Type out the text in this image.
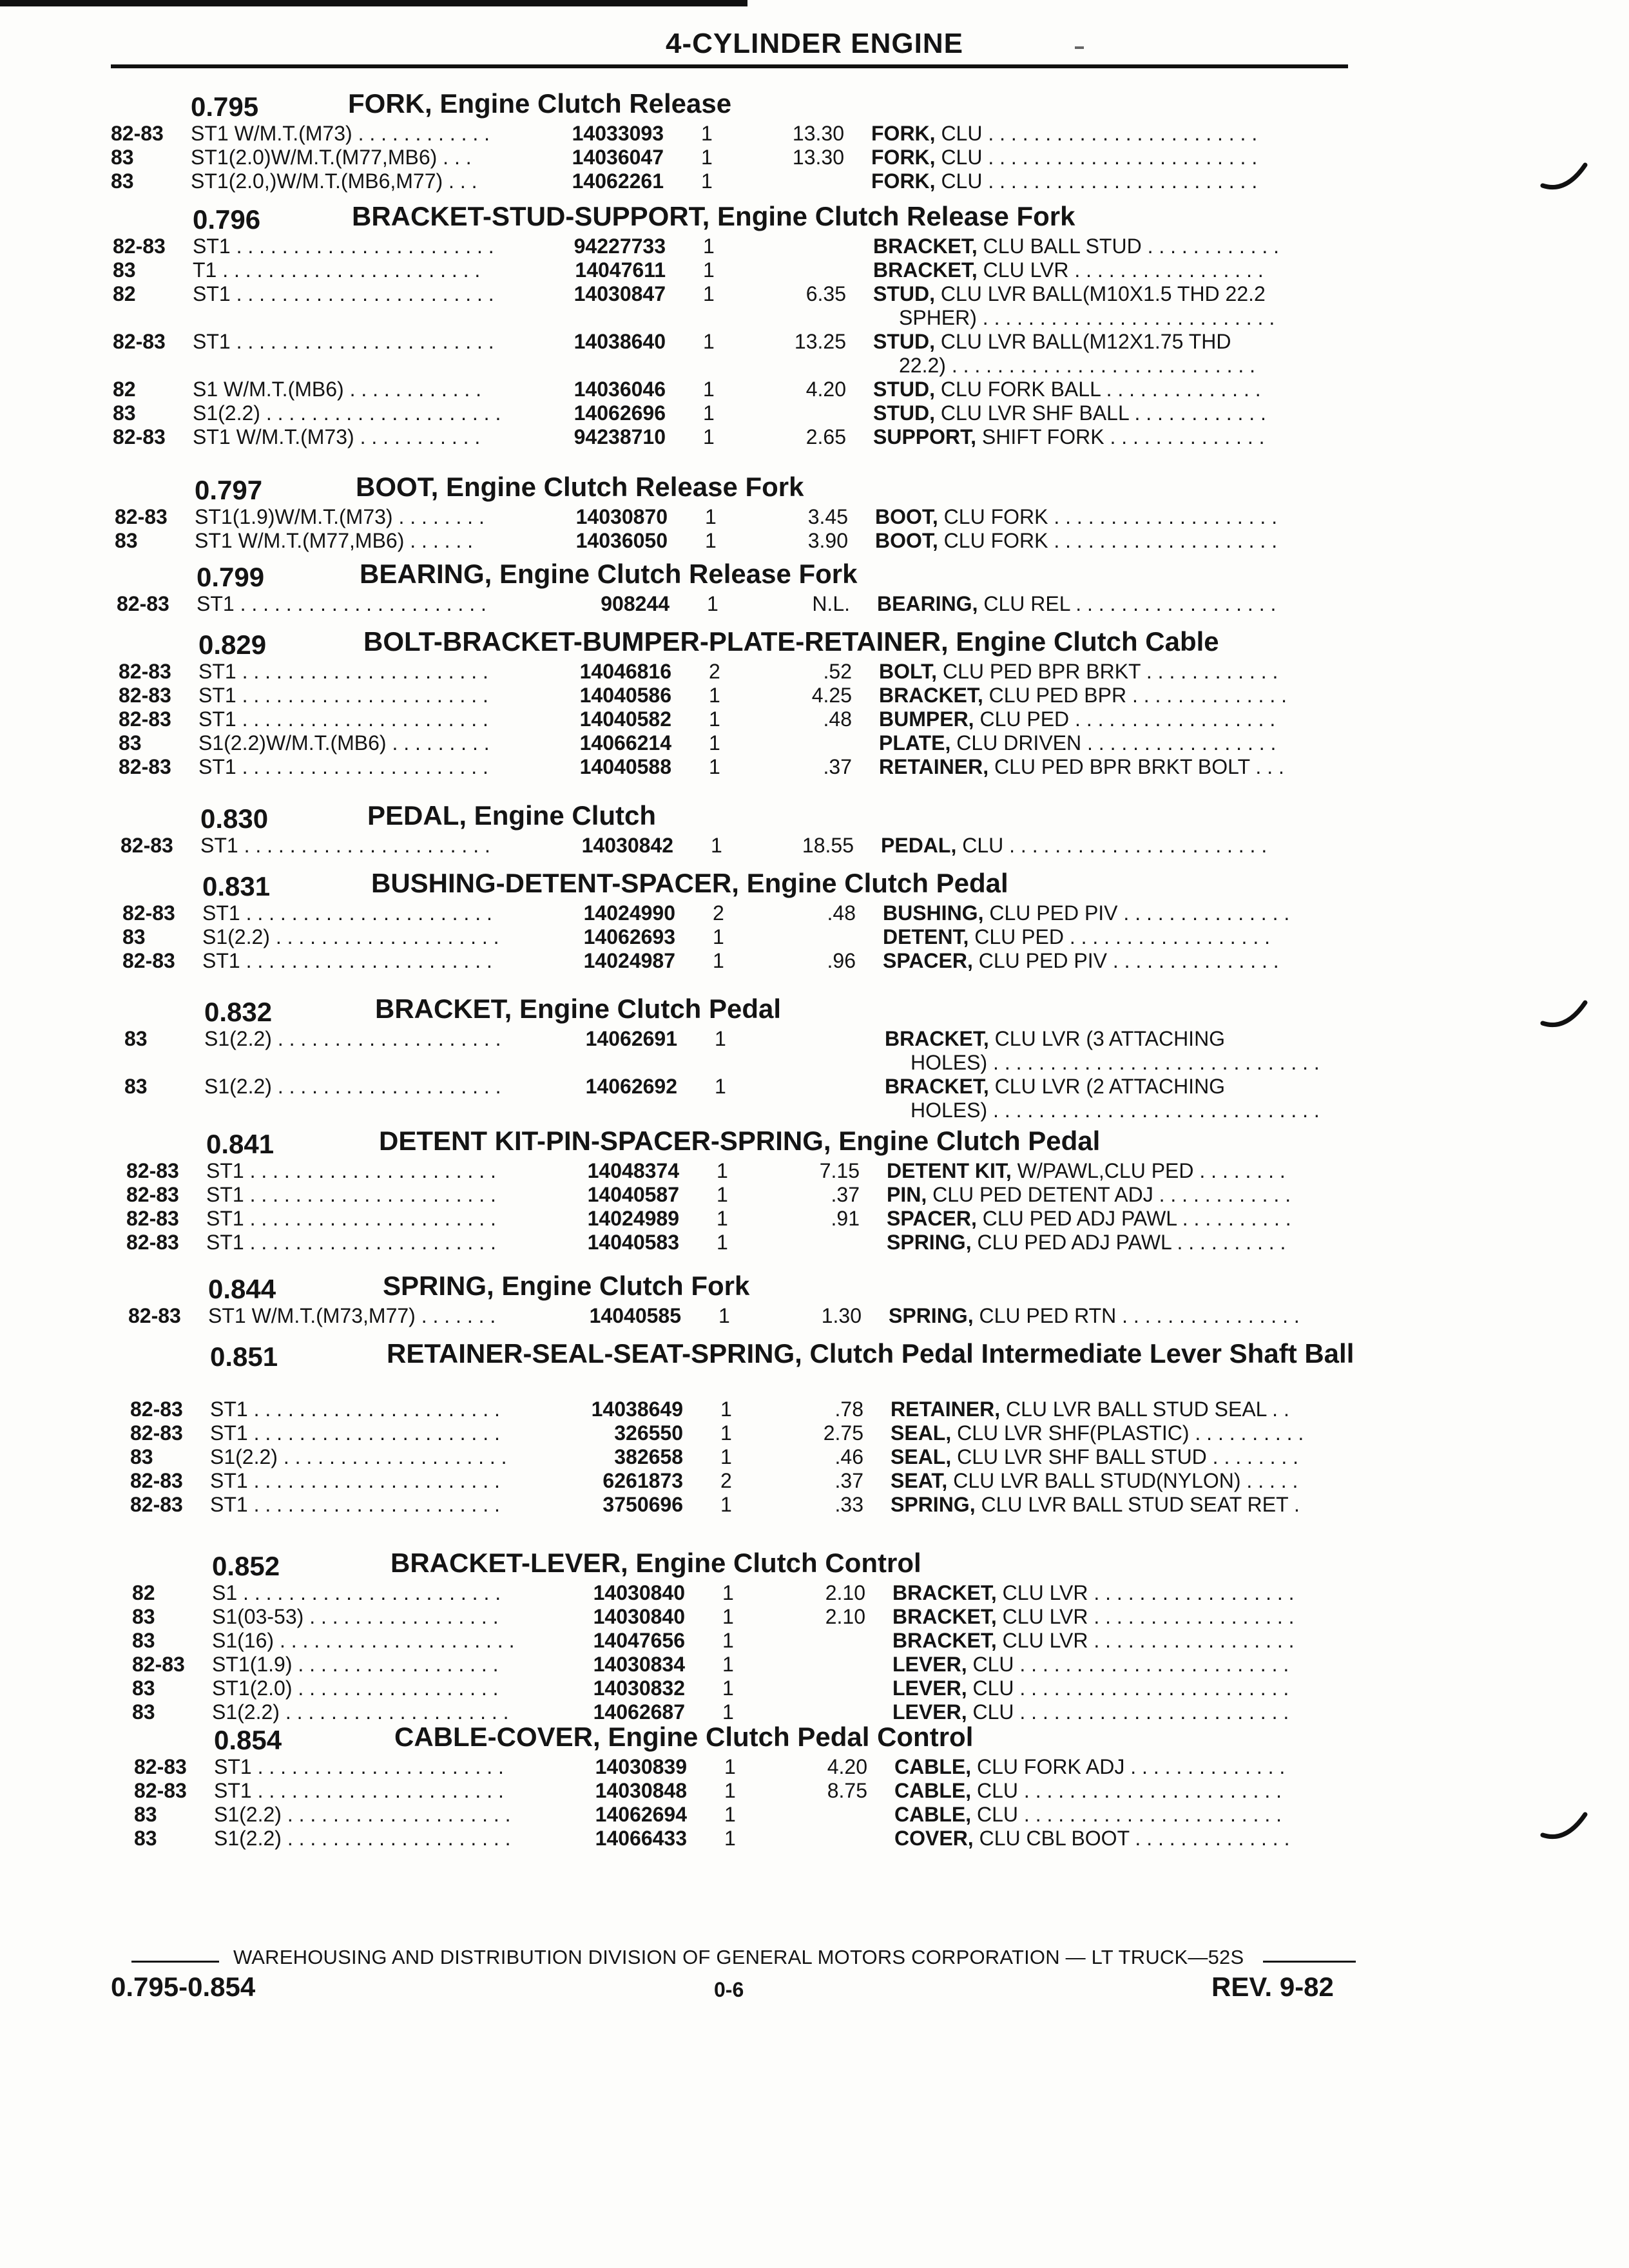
4-CYLINDER ENGINE
0.795	FORK, Engine Clutch Release
82-83 ST1 W/M.T.(M73) . . . . . . . . . . . .	14033093 1	13.30 FORK, CLU . . . . . . . . . . . . . . . . . . . . . . . .
83	ST1(2.0)W/M.T.(M77,MB6) . . .	14036047 1	13.30 FORK, CLU . . . . . . . . . . . . . . . . . . . . . . . .
83	ST1(2.0,)W/M.T.(MB6,M77) . . .	14062261 1	FORK, CLU . . . . . . . . . . . . . . . . . . . . . . . .
0.796	BRACKET-STUD-SUPPORT, Engine Clutch Release Fork
82-83 ST1 . . . . . . . . . . . . . . . . . . . . . . .	94227733 1	BRACKET, CLU BALL STUD . . . . . . . . . . . .
83	T1 . . . . . . . . . . . . . . . . . . . . . . .	14047611 1	BRACKET, CLU LVR . . . . . . . . . . . . . . . . .
82	ST1 . . . . . . . . . . . . . . . . . . . . . . .	14030847 1	6.35 STUD, CLU LVR BALL(M10X1.5 THD 22.2
SPHER) . . . . . . . . . . . . . . . . . . . . . . . . . .
82-83 ST1 . . . . . . . . . . . . . . . . . . . . . . .	14038640 1	13.25 STUD, CLU LVR BALL(M12X1.75 THD
22.2) . . . . . . . . . . . . . . . . . . . . . . . . . . .
82	S1 W/M.T.(MB6) . . . . . . . . . . . .	14036046 1	4.20 STUD, CLU FORK BALL . . . . . . . . . . . . . .
83	S1(2.2) . . . . . . . . . . . . . . . . . . . . .	14062696 1	STUD, CLU LVR SHF BALL . . . . . . . . . . . .
82-83 ST1 W/M.T.(M73) . . . . . . . . . . .	94238710 1	2.65 SUPPORT, SHIFT FORK . . . . . . . . . . . . . .
0.797	BOOT, Engine Clutch Release Fork
82-83 ST1(1.9)W/M.T.(M73) . . . . . . . .	14030870 1	3.45 BOOT, CLU FORK . . . . . . . . . . . . . . . . . . . .
83	ST1 W/M.T.(M77,MB6) . . . . . .	14036050 1	3.90 BOOT, CLU FORK . . . . . . . . . . . . . . . . . . . .
0.799	BEARING, Engine Clutch Release Fork
82-83 ST1 . . . . . . . . . . . . . . . . . . . . . .	908244 1	N.L. BEARING, CLU REL . . . . . . . . . . . . . . . . . .
0.829	BOLT-BRACKET-BUMPER-PLATE-RETAINER, Engine Clutch Cable
82-83 ST1 . . . . . . . . . . . . . . . . . . . . . .	14046816 2	.52 BOLT, CLU PED BPR BRKT . . . . . . . . . . . .
82-83 ST1 . . . . . . . . . . . . . . . . . . . . . .	14040586 1	4.25 BRACKET, CLU PED BPR . . . . . . . . . . . . . .
82-83 ST1 . . . . . . . . . . . . . . . . . . . . . .	14040582 1	.48 BUMPER, CLU PED . . . . . . . . . . . . . . . . . .
83	S1(2.2)W/M.T.(MB6) . . . . . . . . .	14066214 1	PLATE, CLU DRIVEN . . . . . . . . . . . . . . . . .
82-83 ST1 . . . . . . . . . . . . . . . . . . . . . .	14040588 1	.37 RETAINER, CLU PED BPR BRKT BOLT . . .
0.830	PEDAL, Engine Clutch
82-83 ST1 . . . . . . . . . . . . . . . . . . . . . .	14030842 1	18.55 PEDAL, CLU . . . . . . . . . . . . . . . . . . . . . . .
0.831	BUSHING-DETENT-SPACER, Engine Clutch Pedal
82-83 ST1 . . . . . . . . . . . . . . . . . . . . . .	14024990 2	.48 BUSHING, CLU PED PIV . . . . . . . . . . . . . . .
83	S1(2.2) . . . . . . . . . . . . . . . . . . . .	14062693 1	DETENT, CLU PED . . . . . . . . . . . . . . . . . .
82-83 ST1 . . . . . . . . . . . . . . . . . . . . . .	14024987 1	.96 SPACER, CLU PED PIV . . . . . . . . . . . . . . .
0.832	BRACKET, Engine Clutch Pedal
83	S1(2.2) . . . . . . . . . . . . . . . . . . . .	14062691 1	BRACKET, CLU LVR (3 ATTACHING
HOLES) . . . . . . . . . . . . . . . . . . . . . . . . . . . . .
83	S1(2.2) . . . . . . . . . . . . . . . . . . . .	14062692 1	BRACKET, CLU LVR (2 ATTACHING
HOLES) . . . . . . . . . . . . . . . . . . . . . . . . . . . . .
0.841	DETENT KIT-PIN-SPACER-SPRING, Engine Clutch Pedal
82-83 ST1 . . . . . . . . . . . . . . . . . . . . . .	14048374 1	7.15 DETENT KIT, W/PAWL,CLU PED . . . . . . . .
82-83 ST1 . . . . . . . . . . . . . . . . . . . . . .	14040587 1	.37 PIN, CLU PED DETENT ADJ . . . . . . . . . . . .
82-83 ST1 . . . . . . . . . . . . . . . . . . . . . .	14024989 1	.91 SPACER, CLU PED ADJ PAWL . . . . . . . . . .
82-83 ST1 . . . . . . . . . . . . . . . . . . . . . .	14040583 1	SPRING, CLU PED ADJ PAWL . . . . . . . . . .
0.844	SPRING, Engine Clutch Fork
82-83 ST1 W/M.T.(M73,M77) . . . . . . .	14040585 1	1.30 SPRING, CLU PED RTN . . . . . . . . . . . . . . . .
0.851	RETAINER-SEAL-SEAT-SPRING, Clutch Pedal Intermediate Lever Shaft Ball
82-83 ST1 . . . . . . . . . . . . . . . . . . . . . .	14038649 1	.78 RETAINER, CLU LVR BALL STUD SEAL . .
82-83 ST1 . . . . . . . . . . . . . . . . . . . . . .	326550 1	2.75 SEAL, CLU LVR SHF(PLASTIC) . . . . . . . . . .
83	S1(2.2) . . . . . . . . . . . . . . . . . . . .	382658 1	.46 SEAL, CLU LVR SHF BALL STUD . . . . . . . .
82-83 ST1 . . . . . . . . . . . . . . . . . . . . . .	6261873 2	.37 SEAT, CLU LVR BALL STUD(NYLON) . . . . .
82-83 ST1 . . . . . . . . . . . . . . . . . . . . . .	3750696 1	.33 SPRING, CLU LVR BALL STUD SEAT RET .
0.852	BRACKET-LEVER, Engine Clutch Control
82	S1 . . . . . . . . . . . . . . . . . . . . . . .	14030840 1	2.10 BRACKET, CLU LVR . . . . . . . . . . . . . . . . . .
83	S1(03-53) . . . . . . . . . . . . . . . . .	14030840 1	2.10 BRACKET, CLU LVR . . . . . . . . . . . . . . . . . .
83	S1(16) . . . . . . . . . . . . . . . . . . . . .	14047656 1	BRACKET, CLU LVR . . . . . . . . . . . . . . . . . .
82-83 ST1(1.9) . . . . . . . . . . . . . . . . . .	14030834 1	LEVER, CLU . . . . . . . . . . . . . . . . . . . . . . . .
83	ST1(2.0) . . . . . . . . . . . . . . . . . .	14030832 1	LEVER, CLU . . . . . . . . . . . . . . . . . . . . . . . .
83	S1(2.2) . . . . . . . . . . . . . . . . . . . .	14062687 1	LEVER, CLU . . . . . . . . . . . . . . . . . . . . . . . .
0.854	CABLE-COVER, Engine Clutch Pedal Control
82-83 ST1 . . . . . . . . . . . . . . . . . . . . . .	14030839 1	4.20 CABLE, CLU FORK ADJ . . . . . . . . . . . . . .
82-83 ST1 . . . . . . . . . . . . . . . . . . . . . .	14030848 1	8.75 CABLE, CLU . . . . . . . . . . . . . . . . . . . . . . .
83	S1(2.2) . . . . . . . . . . . . . . . . . . . .	14062694 1	CABLE, CLU . . . . . . . . . . . . . . . . . . . . . . .
83	S1(2.2) . . . . . . . . . . . . . . . . . . . .	14066433 1	COVER, CLU CBL BOOT . . . . . . . . . . . . . .
WAREHOUSING AND DISTRIBUTION DIVISION OF GENERAL MOTORS CORPORATION — LT TRUCK—52S
0.795-0.854	0-6	REV. 9-82
